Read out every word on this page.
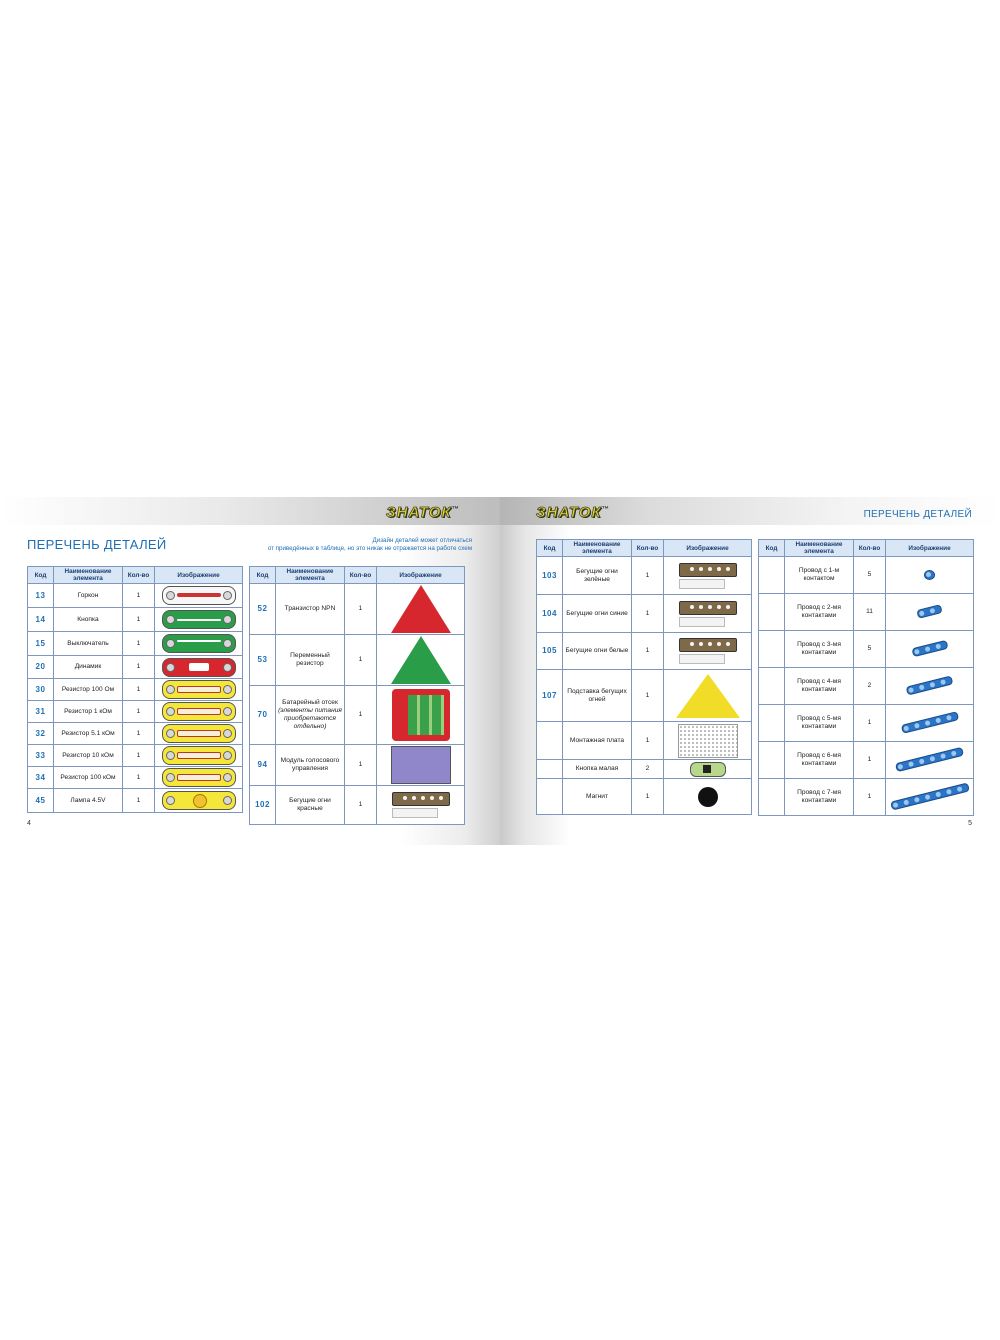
ЗНАТОК™
ПЕРЕЧЕНЬ ДЕТАЛЕЙ	Дизайн деталей может отличаться
от приведённых в таблице, но это никак не отражается на работе схем
Код	Наименование элемента	Кол-во	Изображение
13	Горкон	1	

14	Кнопка	1	

15	Выключатель	1	

20	Динамик	1	

30	Резистор 100 Ом	1	

31	Резистор 1 кОм	1	

32	Резистор 5.1 кОм	1	

33	Резистор 10 кОм	1	

34	Резистор 100 кОм	1	

45	Лампа 4.5V	1	
Код	Наименование элемента	Кол-во	Изображение
52	Транзистор NPN	1	
53	Переменный резистор	1	
70	Батарейный отсек
(элементы питания приобретаются отдельно)	1	

94	Модуль голосового управления	1	
102	Бегущие огни красные	1	
4
ЗНАТОК™	ПЕРЕЧЕНЬ ДЕТАЛЕЙ
Код	Наименование элемента	Кол-во	Изображение
103	Бегущие огни зелёные	1	

104	Бегущие огни синие	1	

105	Бегущие огни белые	1	

107	Подставка бегущих огней	1	
	Монтажная плата	1	
	Кнопка малая	2	

	Магнит	1	
Код	Наименование элемента	Кол-во	Изображение
	Провод с 1-м контактом	5	

	Провод с 2-мя контактами	11	

	Провод с 3-мя контактами	5	

	Провод с 4-мя контактами	2	

	Провод с 5-мя контактами	1	

	Провод с 6-мя контактами	1	

	Провод с 7-мя контактами	1	
5
